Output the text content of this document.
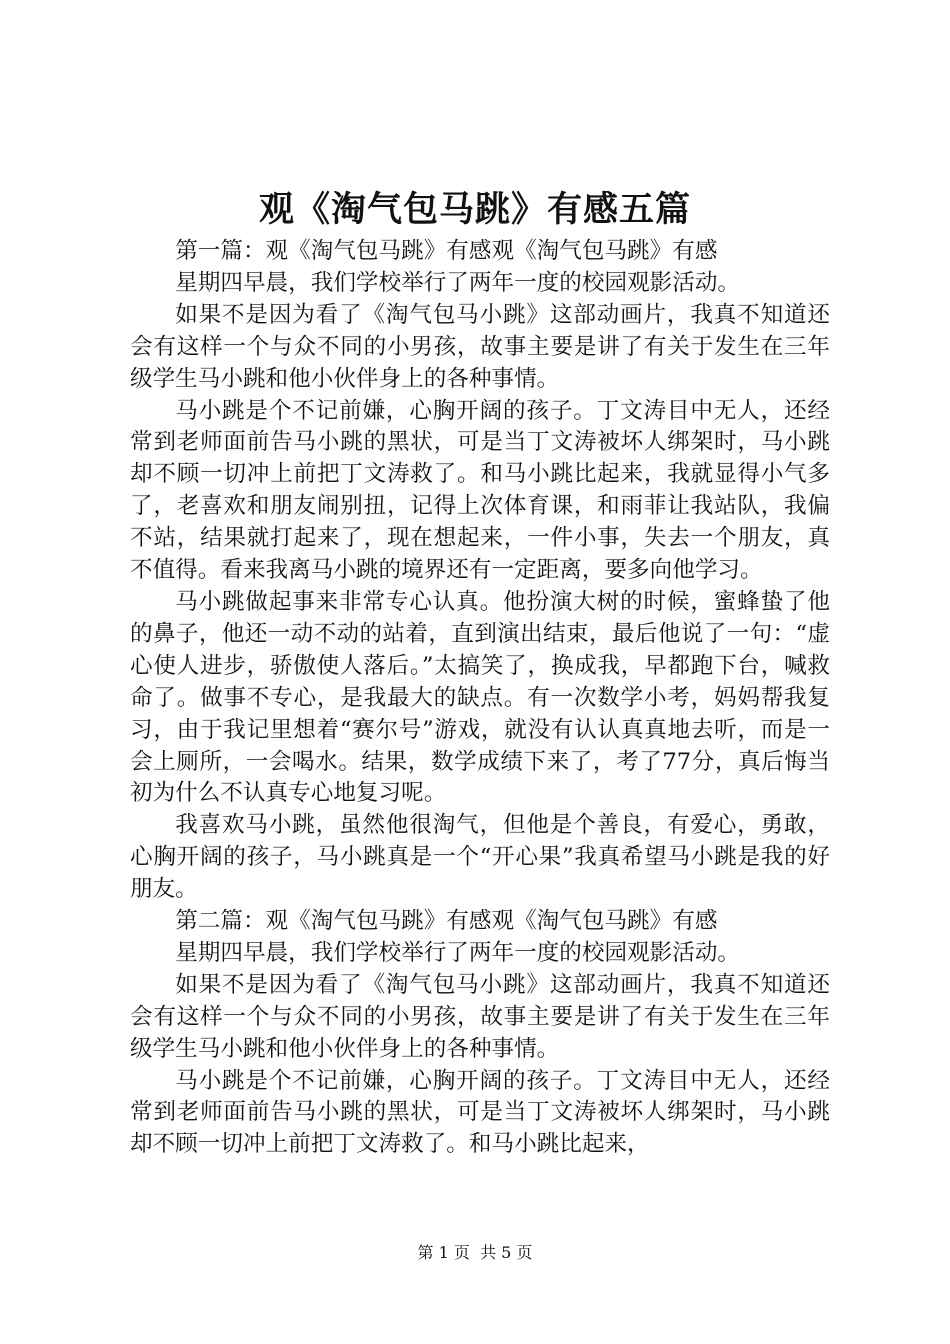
观《淘气包马跳》有感五篇

第一篇：观《淘气包马跳》有感观《淘气包马跳》有感

星期四早晨，我们学校举行了两年一度的校园观影活动。

如果不是因为看了《淘气包马小跳》这部动画片，我真不知道还会有这样一个与众不同的小男孩，故事主要是讲了有关于发生在三年级学生马小跳和他小伙伴身上的各种事情。

马小跳是个不记前嫌，心胸开阔的孩子。丁文涛目中无人，还经常到老师面前告马小跳的黑状，可是当丁文涛被坏人绑架时，马小跳却不顾一切冲上前把丁文涛救了。和马小跳比起来，我就显得小气多了，老喜欢和朋友闹别扭，记得上次体育课，和雨菲让我站队，我偏不站，结果就打起来了，现在想起来，一件小事，失去一个朋友，真不值得。看来我离马小跳的境界还有一定距离，要多向他学习。

马小跳做起事来非常专心认真。他扮演大树的时候，蜜蜂蛰了他的鼻子，他还一动不动的站着，直到演出结束，最后他说了一句：“虚心使人进步，骄傲使人落后。”太搞笑了，换成我，早都跑下台，喊救命了。做事不专心，是我最大的缺点。有一次数学小考，妈妈帮我复习，由于我记里想着“赛尔号”游戏，就没有认认真真地去听，而是一会上厕所，一会喝水。结果，数学成绩下来了，考了77分，真后悔当初为什么不认真专心地复习呢。

我喜欢马小跳，虽然他很淘气，但他是个善良，有爱心，勇敢，心胸开阔的孩子，马小跳真是一个“开心果”我真希望马小跳是我的好朋友。

第二篇：观《淘气包马跳》有感观《淘气包马跳》有感

星期四早晨，我们学校举行了两年一度的校园观影活动。

如果不是因为看了《淘气包马小跳》这部动画片，我真不知道还会有这样一个与众不同的小男孩，故事主要是讲了有关于发生在三年级学生马小跳和他小伙伴身上的各种事情。

马小跳是个不记前嫌，心胸开阔的孩子。丁文涛目中无人，还经常到老师面前告马小跳的黑状，可是当丁文涛被坏人绑架时，马小跳却不顾一切冲上前把丁文涛救了。和马小跳比起来，

第 1 页  共 5 页
